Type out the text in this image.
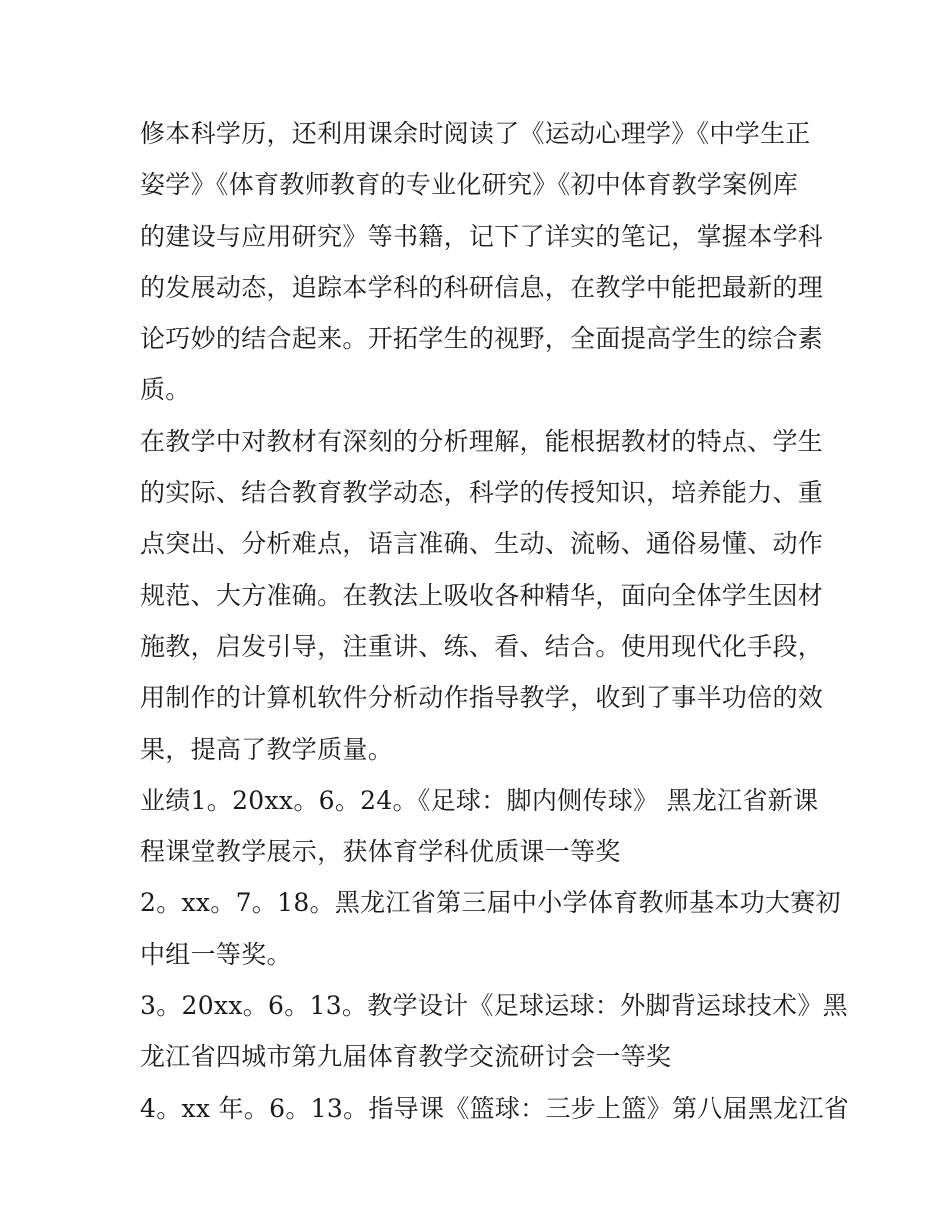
修本科学历，还利用课余时阅读了《运动心理学》《中学生正
姿学》《体育教师教育的专业化研究》《初中体育教学案例库
的建设与应用研究》等书籍，记下了详实的笔记，掌握本学科
的发展动态，追踪本学科的科研信息，在教学中能把最新的理
论巧妙的结合起来。开拓学生的视野，全面提高学生的综合素
质。

在教学中对教材有深刻的分析理解，能根据教材的特点、学生
的实际、结合教育教学动态，科学的传授知识，培养能力、重
点突出、分析难点，语言准确、生动、流畅、通俗易懂、动作
规范、大方准确。在教法上吸收各种精华，面向全体学生因材
施教，启发引导，注重讲、练、看、结合。使用现代化手段，
用制作的计算机软件分析动作指导教学，收到了事半功倍的效
果，提高了教学质量。

业绩1。20xx。6。24。《足球：脚内侧传球》 黑龙江省新课
程课堂教学展示，获体育学科优质课一等奖

2。xx。7。18。黑龙江省第三届中小学体育教师基本功大赛初
中组一等奖。

3。20xx。6。13。教学设计《足球运球：外脚背运球技术》黑
龙江省四城市第九届体育教学交流研讨会一等奖

4。xx 年。6。13。指导课《篮球：三步上篮》第八届黑龙江省
